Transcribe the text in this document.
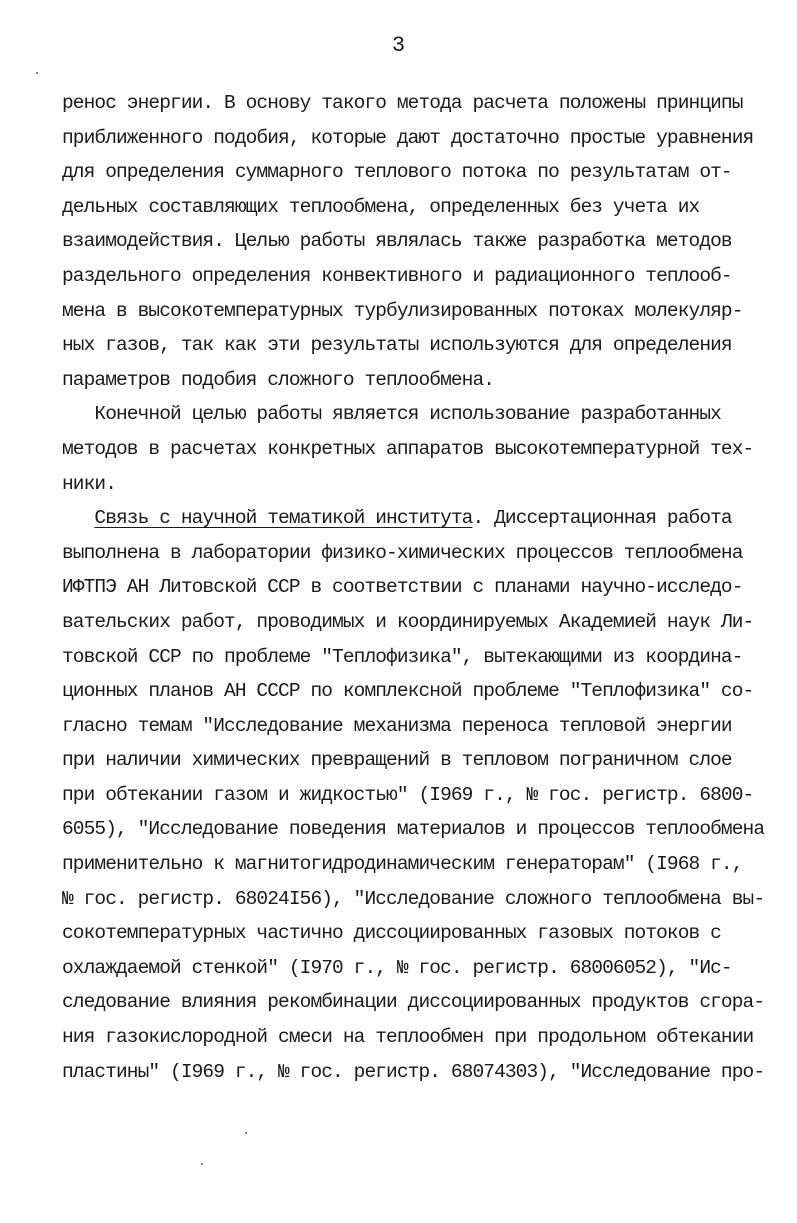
3
ренос энергии. В основу такого метода расчета положены принципы
приближенного подобия, которые дают достаточно простые уравнения
для определения суммарного теплового потока по результатам от-
дельных составляющих теплообмена, определенных без учета их
взаимодействия. Целью работы являлась также разработка методов
раздельного определения конвективного и радиационного теплооб-
мена в высокотемпературных турбулизированных потоках молекуляр-
ных газов, так как эти результаты используются для определения
параметров подобия сложного теплообмена.
Конечной целью работы является использование разработанных
методов в расчетах конкретных аппаратов высокотемпературной тех-
ники.
Связь с научной тематикой института. Диссертационная работа
выполнена в лаборатории физико-химических процессов теплообмена
ИФТПЭ АН Литовской ССР в соответствии с планами научно-исследо-
вательских работ, проводимых и координируемых Академией наук Ли-
товской ССР по проблеме "Теплофизика", вытекающими из координа-
ционных планов АН СССР по комплексной проблеме "Теплофизика" со-
гласно темам "Исследование механизма переноса тепловой энергии
при наличии химических превращений в тепловом пограничном слое
при обтекании газом и жидкостью" (I969 г., № гос. регистр. 6800-
6055), "Исследование поведения материалов и процессов теплообмена
применительно к магнитогидродинамическим генераторам" (I968 г.,
№ гос. регистр. 68024I56), "Исследование сложного теплообмена вы-
сокотемпературных частично диссоциированных газовых потоков с
охлаждаемой стенкой" (I970 г., № гос. регистр. 68006052), "Ис-
следование влияния рекомбинации диссоциированных продуктов сгора-
ния газокислородной смеси на теплообмен при продольном обтекании
пластины" (I969 г., № гос. регистр. 68074303), "Исследование про-
